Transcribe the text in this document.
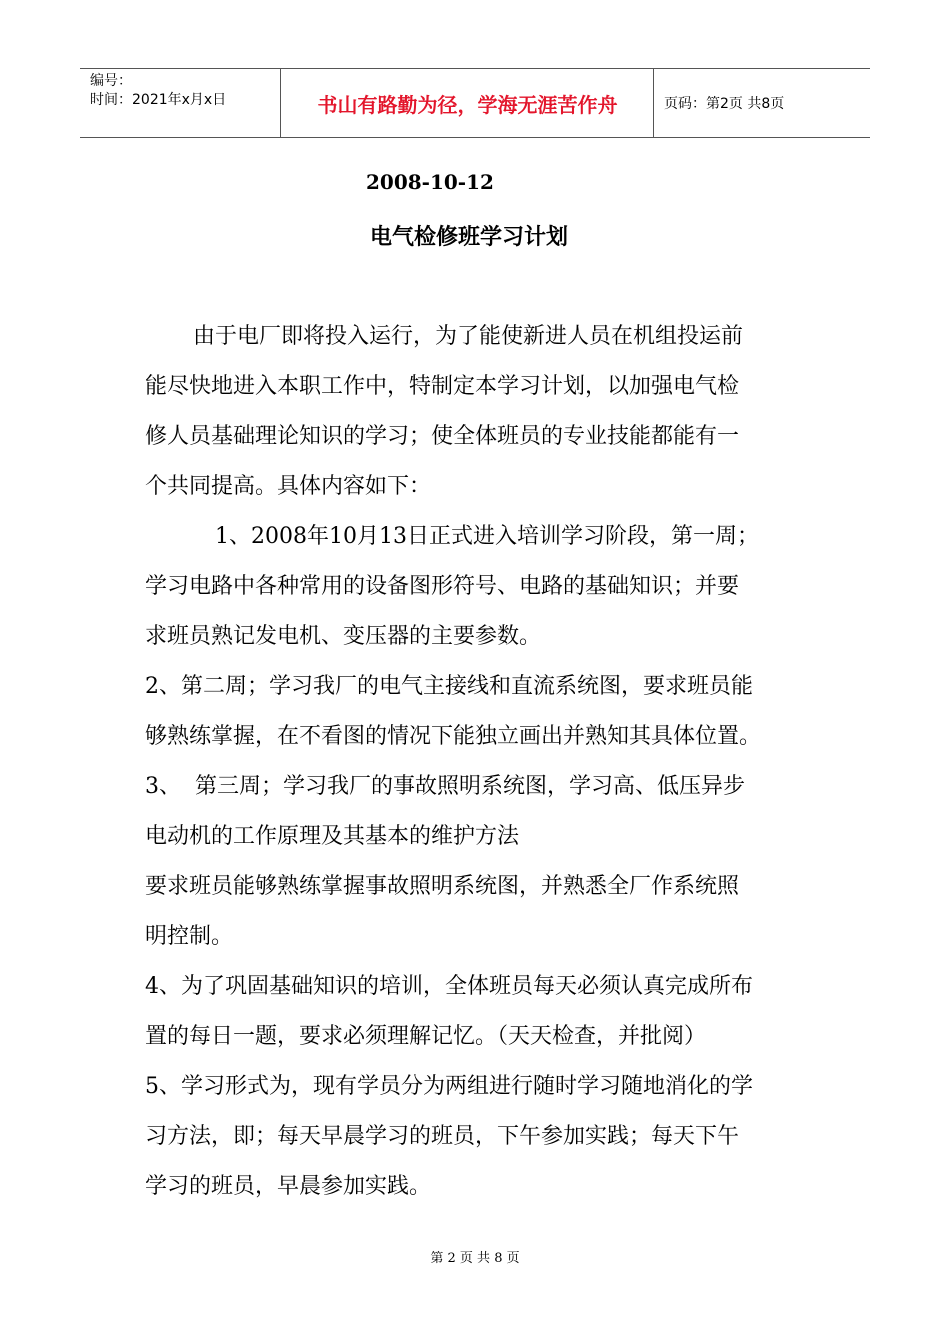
编号：
时间：2021年x月x日	书山有路勤为径，学海无涯苦作舟	页码：第2页 共8页
2008-10-12
电气检修班学习计划

由于电厂即将投入运行，为了能使新进人员在机组投运前

能尽快地进入本职工作中，特制定本学习计划，以加强电气检

修人员基础理论知识的学习；使全体班员的专业技能都能有一

个共同提高。具体内容如下：

1、2008年10月13日正式进入培训学习阶段，第一周；

学习电路中各种常用的设备图形符号、电路的基础知识；并要

求班员熟记发电机、变压器的主要参数。

2、第二周；学习我厂的电气主接线和直流系统图，要求班员能

够熟练掌握，在不看图的情况下能独立画出并熟知其具体位置。

3、  第三周；学习我厂的事故照明系统图，学习高、低压异步

电动机的工作原理及其基本的维护方法

要求班员能够熟练掌握事故照明系统图，并熟悉全厂作系统照

明控制。

4、为了巩固基础知识的培训，全体班员每天必须认真完成所布

置的每日一题，要求必须理解记忆。（天天检查，并批阅）

5、学习形式为，现有学员分为两组进行随时学习随地消化的学

习方法，即；每天早晨学习的班员，下午参加实践；每天下午

学习的班员，早晨参加实践。

第 2 页 共 8 页
